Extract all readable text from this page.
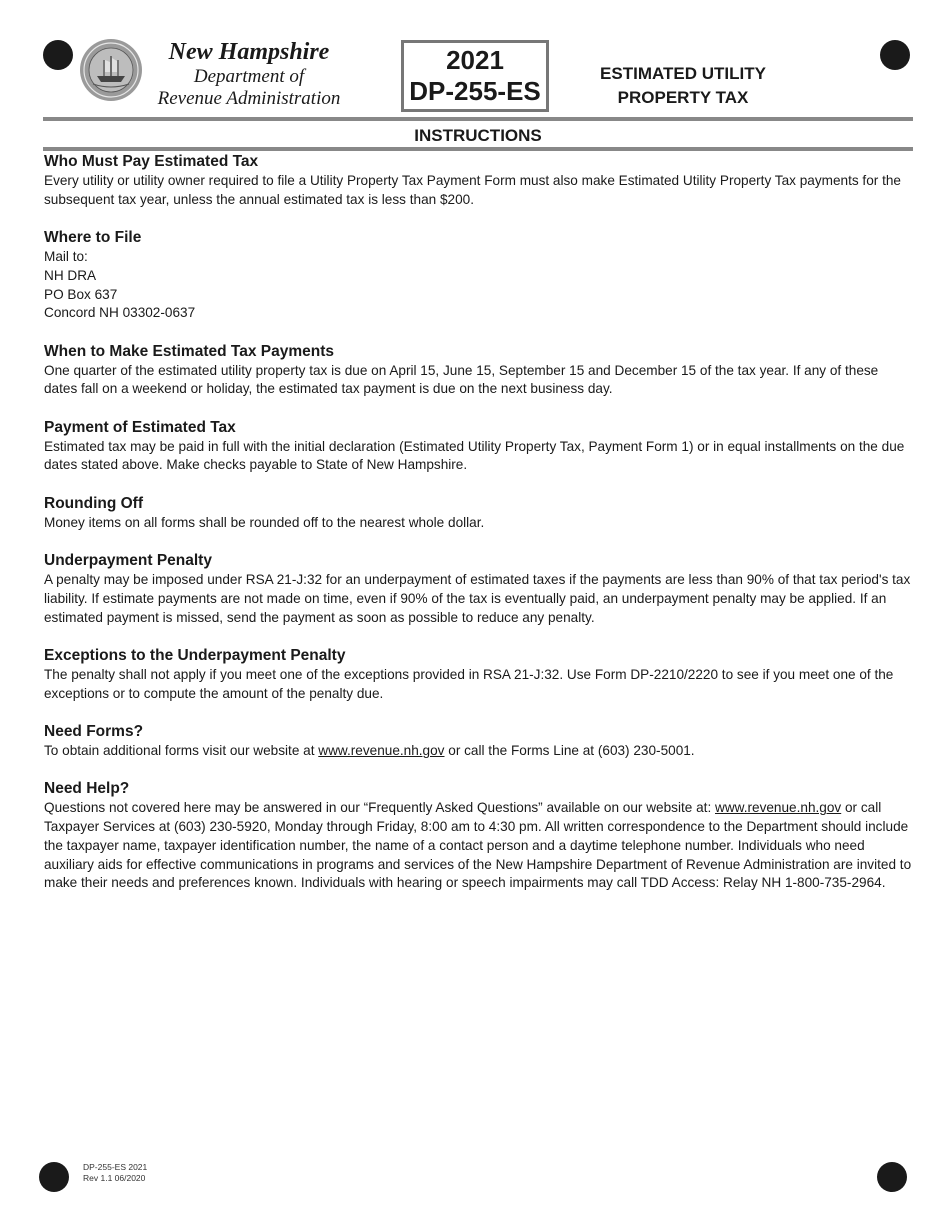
New Hampshire
Department of
Revenue Administration
2021
DP-255-ES
ESTIMATED UTILITY
PROPERTY TAX
INSTRUCTIONS
Who Must Pay Estimated Tax

Every utility or utility owner required to file a Utility Property Tax Payment Form must also make Estimated Utility Property Tax payments for the subsequent tax year, unless the annual estimated tax is less than $200.

Where to File

Mail to:
NH DRA
PO Box 637
Concord NH 03302-0637

When to Make Estimated Tax Payments

One quarter of the estimated utility property tax is due on April 15, June 15, September 15 and December 15 of the tax year. If any of these dates fall on a weekend or holiday, the estimated tax payment is due on the next business day.

Payment of Estimated Tax

Estimated tax may be paid in full with the initial declaration (Estimated Utility Property Tax, Payment Form 1) or in equal installments on the due dates stated above. Make checks payable to State of New Hampshire.

Rounding Off

Money items on all forms shall be rounded off to the nearest whole dollar.

Underpayment Penalty

A penalty may be imposed under RSA 21-J:32 for an underpayment of estimated taxes if the payments are less than 90% of that tax period's tax liability. If estimate payments are not made on time, even if 90% of the tax is eventually paid, an underpayment penalty may be applied. If an estimated payment is missed, send the payment as soon as possible to reduce any penalty.

Exceptions to the Underpayment Penalty

The penalty shall not apply if you meet one of the exceptions provided in RSA 21-J:32. Use Form DP-2210/2220 to see if you meet one of the exceptions or to compute the amount of the penalty due.

Need Forms?

To obtain additional forms visit our website at www.revenue.nh.gov or call the Forms Line at (603) 230-5001.

Need Help?

Questions not covered here may be answered in our “Frequently Asked Questions” available on our website at: www.revenue.nh.gov or call Taxpayer Services at (603) 230-5920, Monday through Friday, 8:00 am to 4:30 pm. All written correspondence to the Department should include the taxpayer name, taxpayer identification number, the name of a contact person and a daytime telephone number. Individuals who need auxiliary aids for effective communications in programs and services of the New Hampshire Department of Revenue Administration are invited to make their needs and preferences known. Individuals with hearing or speech impairments may call TDD Access: Relay NH 1-800-735-2964.

DP-255-ES 2021
Rev 1.1 06/2020
